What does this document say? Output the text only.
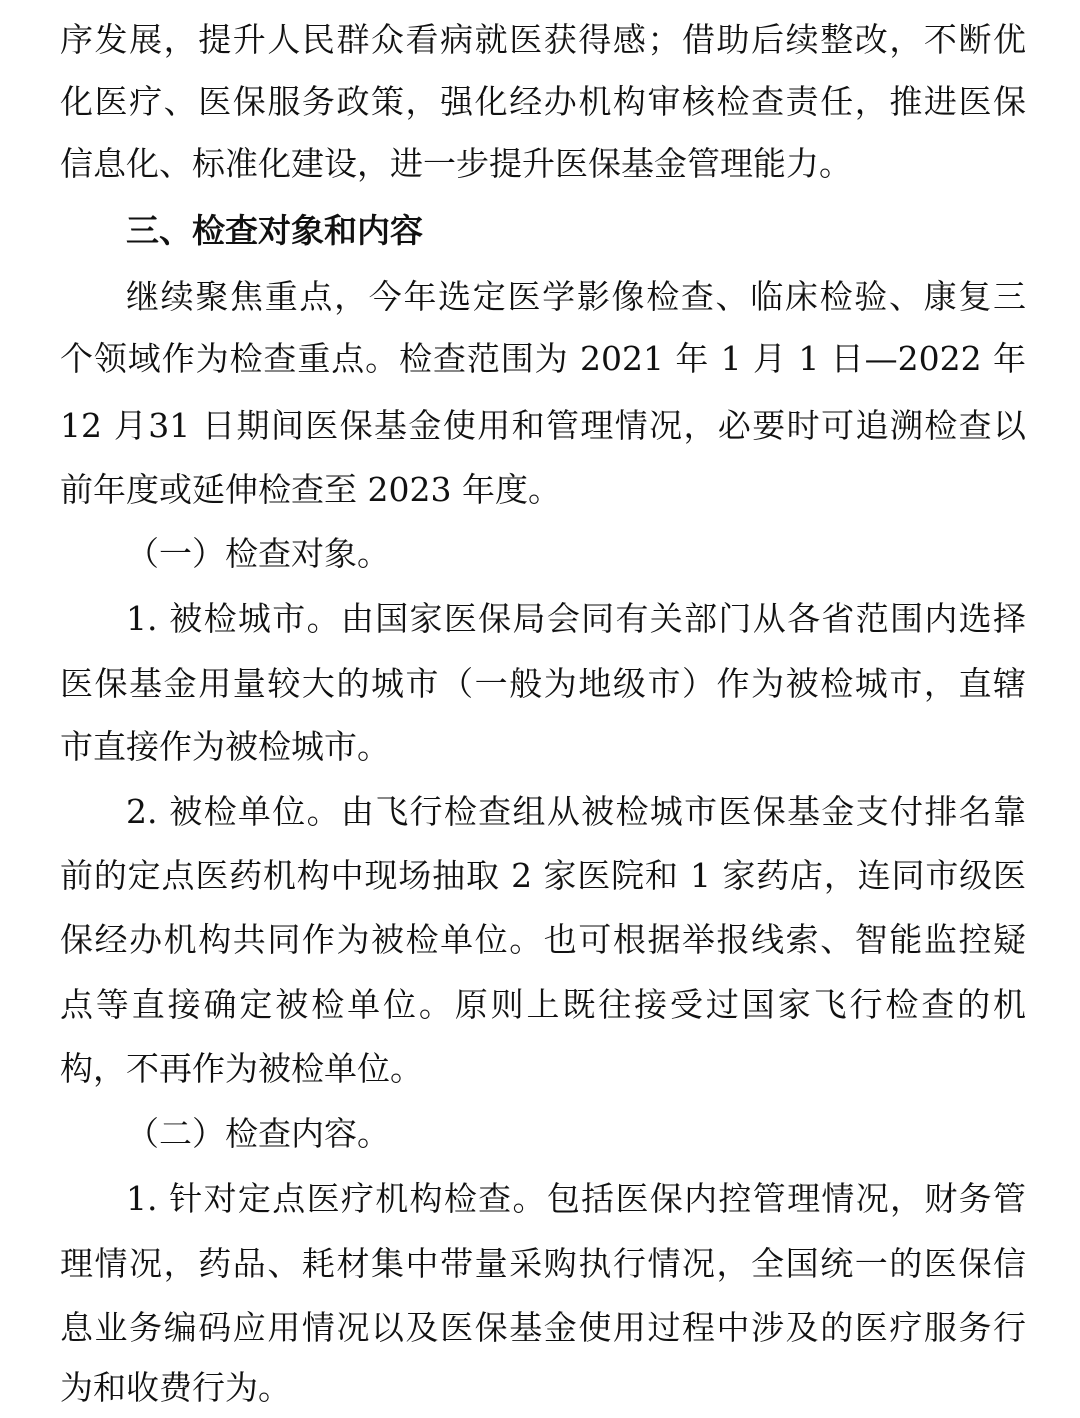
序发展，提升人民群众看病就医获得感；借助后续整改，不断优
化医疗、医保服务政策，强化经办机构审核检查责任，推进医保
信息化、标准化建设，进一步提升医保基金管理能力。
三、检查对象和内容
继续聚焦重点，今年选定医学影像检查、临床检验、康复三
个领域作为检查重点。检查范围为 2021 年 1 月 1 日—2022 年
12 月31 日期间医保基金使用和管理情况，必要时可追溯检查以
前年度或延伸检查至 2023 年度。
（一）检查对象。
1. 被检城市。由国家医保局会同有关部门从各省范围内选择
医保基金用量较大的城市（一般为地级市）作为被检城市，直辖
市直接作为被检城市。
2. 被检单位。由飞行检查组从被检城市医保基金支付排名靠
前的定点医药机构中现场抽取 2 家医院和 1 家药店，连同市级医
保经办机构共同作为被检单位。也可根据举报线索、智能监控疑
点等直接确定被检单位。原则上既往接受过国家飞行检查的机
构，不再作为被检单位。
（二）检查内容。
1. 针对定点医疗机构检查。包括医保内控管理情况，财务管
理情况，药品、耗材集中带量采购执行情况，全国统一的医保信
息业务编码应用情况以及医保基金使用过程中涉及的医疗服务行
为和收费行为。
